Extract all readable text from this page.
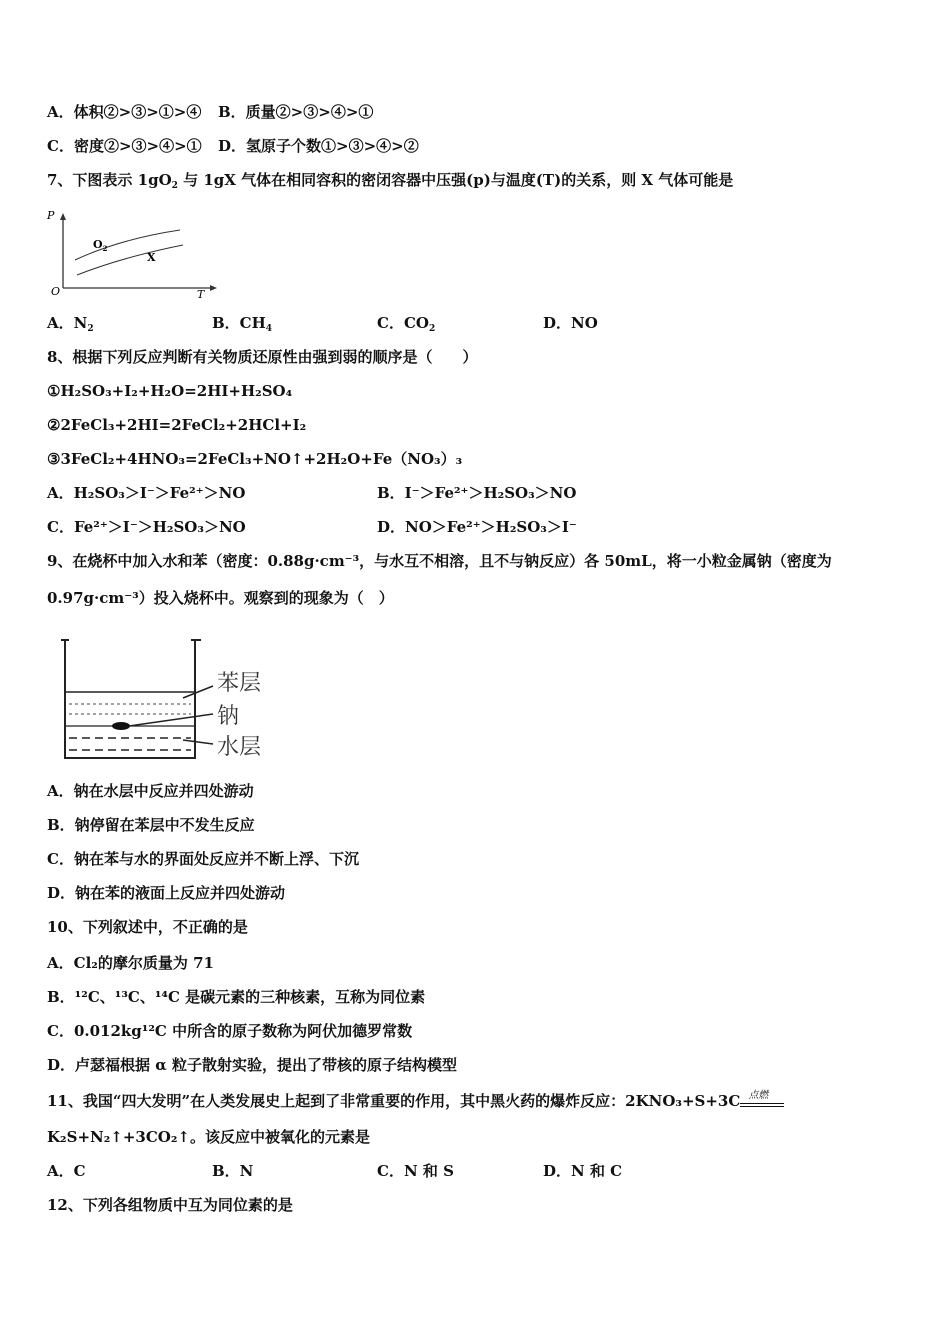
A．体积②>③>①>④ B．质量②>③>④>①
C．密度②>③>④>① D．氢原子个数①>③>④>②
7、下图表示 $1gO_2$ 与 1gX 气体在相同容积的密闭容器中压强(p)与温度(T)的关系，则 X 气体可能是
P
T
O
$O_2$
X
A．$N_2$	B．$CH_4$	C．$CO_2$	D．NO
8、根据下列反应判断有关物质还原性由强到弱的顺序是（　　）
①H₂SO₃+I₂+H₂O=2HI+H₂SO₄
②2FeCl₃+2HI=2FeCl₂+2HCl+I₂
③3FeCl₂+4HNO₃=2FeCl₃+NO↑+2H₂O+Fe（NO₃）₃
A．H₂SO₃＞I⁻＞Fe²⁺＞NO	B．I⁻＞Fe²⁺＞H₂SO₃＞NO
C．Fe²⁺＞I⁻＞H₂SO₃＞NO	D．NO＞Fe²⁺＞H₂SO₃＞I⁻
9、在烧杯中加入水和苯（密度：0.88g·cm⁻³，与水互不相溶，且不与钠反应）各 50mL，将一小粒金属钠（密度为
0.97g·cm⁻³）投入烧杯中。观察到的现象为（　）
苯层
钠
水层
A．钠在水层中反应并四处游动
B．钠停留在苯层中不发生反应
C．钠在苯与水的界面处反应并不断上浮、下沉
D．钠在苯的液面上反应并四处游动
10、下列叙述中，不正确的是
A．Cl₂的摩尔质量为 71
B．¹²C、¹³C、¹⁴C 是碳元素的三种核素，互称为同位素
C．0.012kg¹²C 中所含的原子数称为阿伏加德罗常数
D．卢瑟福根据 α 粒子散射实验，提出了带核的原子结构模型
11、我国“四大发明”在人类发展史上起到了非常重要的作用，其中黑火药的爆炸反应：2KNO₃+S+3C 点燃
K₂S+N₂↑+3CO₂↑。该反应中被氧化的元素是
A．C	B．N	C．N 和 S	D．N 和 C
12、下列各组物质中互为同位素的是
